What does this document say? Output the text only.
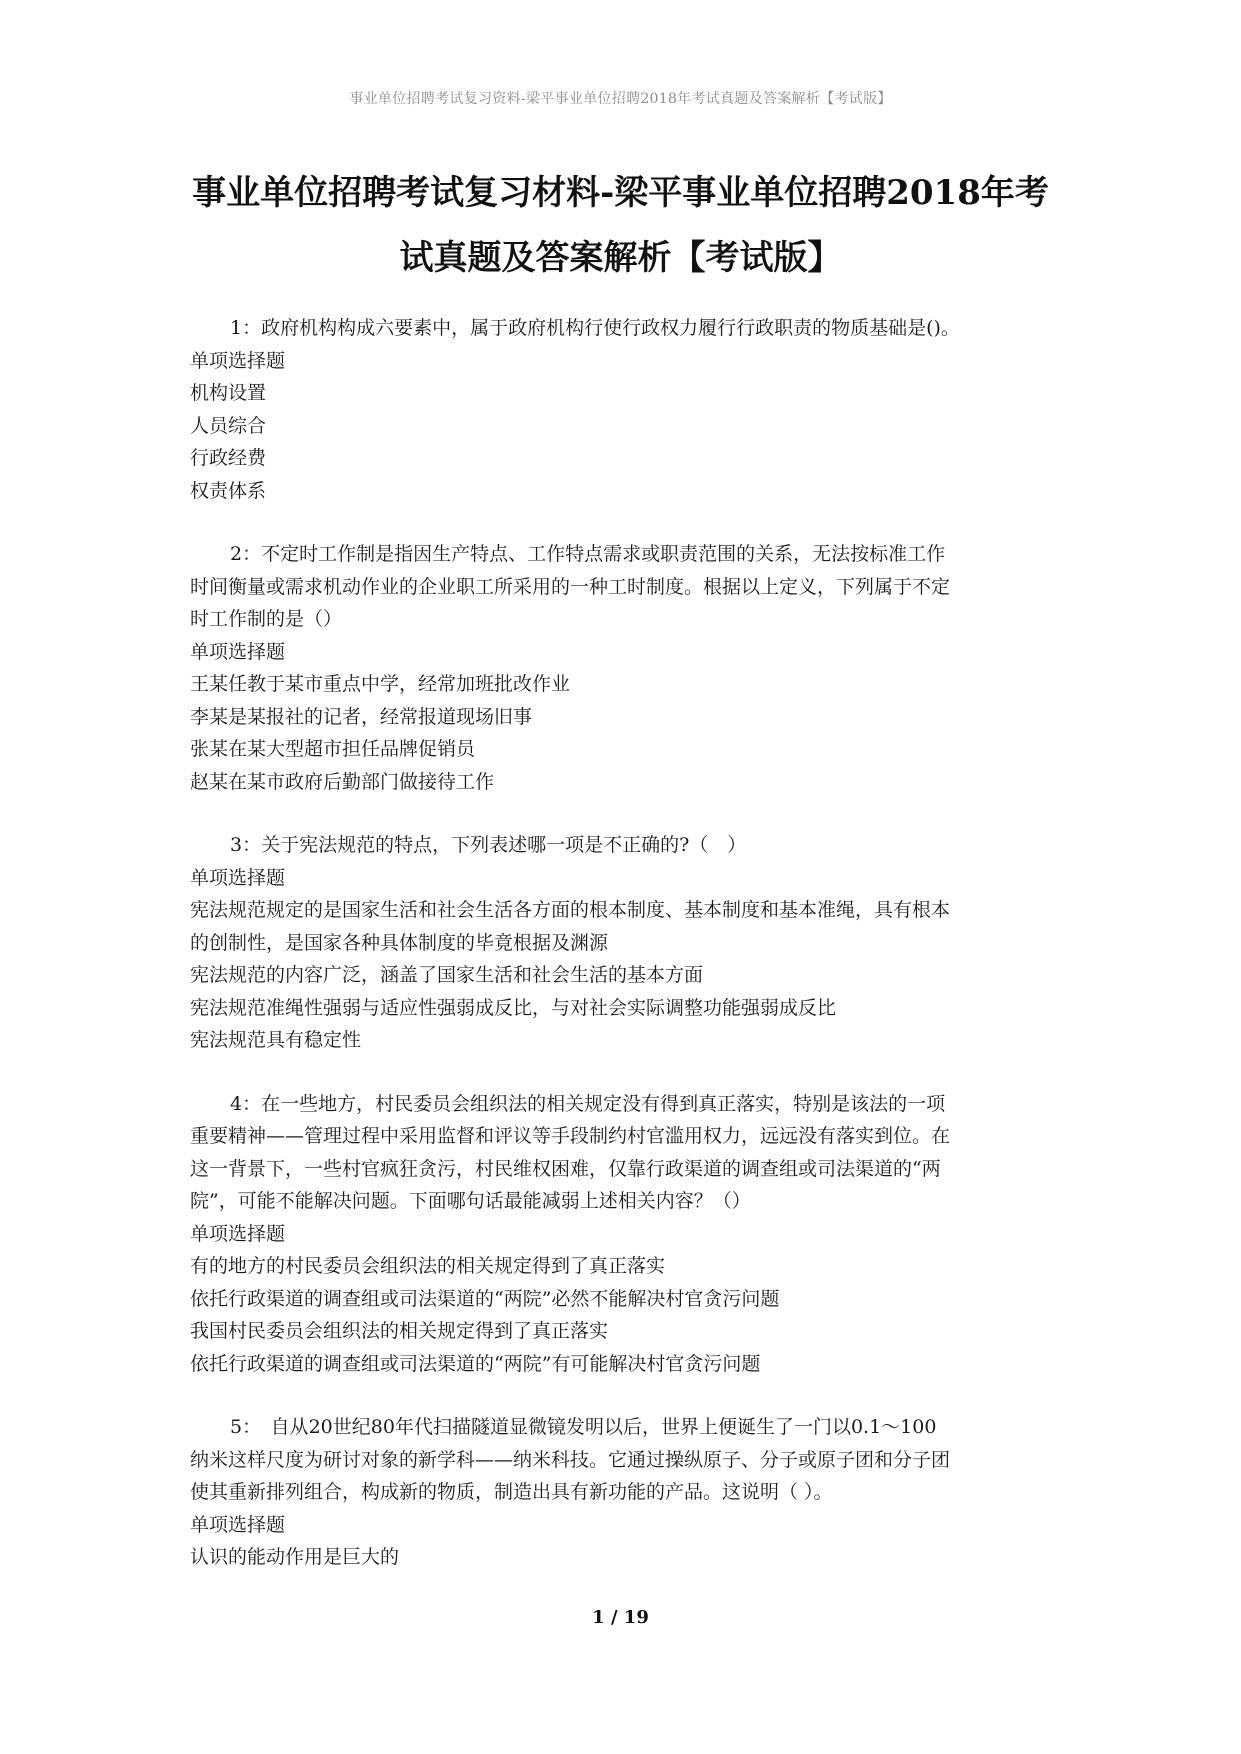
事业单位招聘考试复习资料-梁平事业单位招聘2018年考试真题及答案解析【考试版】
事业单位招聘考试复习材料-梁平事业单位招聘2018年考
试真题及答案解析【考试版】
1：政府机构构成六要素中，属于政府机构行使行政权力履行行政职责的物质基础是()。
单项选择题
机构设置
人员综合
行政经费
权责体系
2：不定时工作制是指因生产特点、工作特点需求或职责范围的关系，无法按标准工作
时间衡量或需求机动作业的企业职工所采用的一种工时制度。根据以上定义，下列属于不定
时工作制的是（）
单项选择题
王某任教于某市重点中学，经常加班批改作业
李某是某报社的记者，经常报道现场旧事
张某在某大型超市担任品牌促销员
赵某在某市政府后勤部门做接待工作
3：关于宪法规范的特点，下列表述哪一项是不正确的?（　）
单项选择题
宪法规范规定的是国家生活和社会生活各方面的根本制度、基本制度和基本准绳，具有根本
的创制性，是国家各种具体制度的毕竟根据及渊源
宪法规范的内容广泛，涵盖了国家生活和社会生活的基本方面
宪法规范准绳性强弱与适应性强弱成反比，与对社会实际调整功能强弱成反比
宪法规范具有稳定性
4：在一些地方，村民委员会组织法的相关规定没有得到真正落实，特别是该法的一项
重要精神——管理过程中采用监督和评议等手段制约村官滥用权力，远远没有落实到位。在
这一背景下，一些村官疯狂贪污，村民维权困难，仅靠行政渠道的调查组或司法渠道的“两
院”，可能不能解决问题。下面哪句话最能减弱上述相关内容？（）
单项选择题
有的地方的村民委员会组织法的相关规定得到了真正落实
依托行政渠道的调查组或司法渠道的“两院”必然不能解决村官贪污问题
我国村民委员会组织法的相关规定得到了真正落实
依托行政渠道的调查组或司法渠道的“两院”有可能解决村官贪污问题
5：　自从20世纪80年代扫描隧道显微镜发明以后，世界上便诞生了一门以0.1～100
纳米这样尺度为研讨对象的新学科——纳米科技。它通过操纵原子、分子或原子团和分子团
使其重新排列组合，构成新的物质，制造出具有新功能的产品。这说明（ ）。
单项选择题
认识的能动作用是巨大的
1 / 19
